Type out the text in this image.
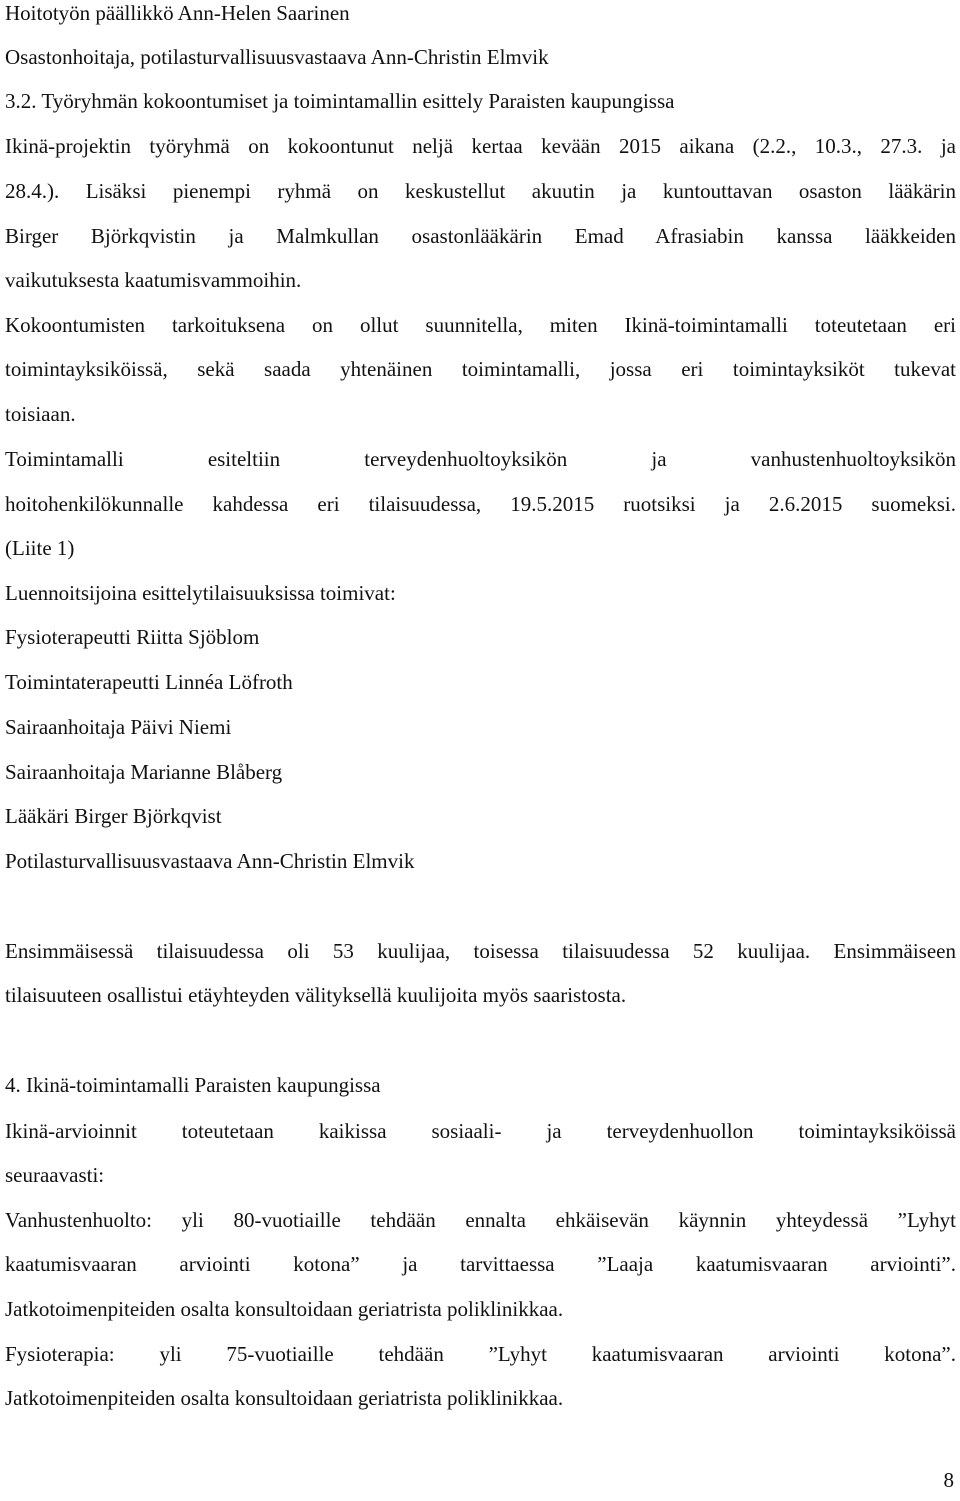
Hoitotyön päällikkö Ann-Helen Saarinen

Osastonhoitaja, potilasturvallisuusvastaava Ann-Christin Elmvik

3.2. Työryhmän kokoontumiset ja toimintamallin esittely Paraisten kaupungissa

Ikinä-projektin työryhmä on kokoontunut neljä kertaa kevään 2015 aikana (2.2., 10.3., 27.3. ja

28.4.). Lisäksi pienempi ryhmä on keskustellut akuutin ja kuntouttavan osaston lääkärin

Birger Björkqvistin ja Malmkullan osastonlääkärin Emad Afrasiabin kanssa lääkkeiden

vaikutuksesta kaatumisvammoihin.

Kokoontumisten tarkoituksena on ollut suunnitella, miten Ikinä-toimintamalli toteutetaan eri

toimintayksiköissä, sekä saada yhtenäinen toimintamalli, jossa eri toimintayksiköt tukevat

toisiaan.

Toimintamalli esiteltiin terveydenhuoltoyksikön ja vanhustenhuoltoyksikön

hoitohenkilökunnalle kahdessa eri tilaisuudessa, 19.5.2015 ruotsiksi ja 2.6.2015 suomeksi.

(Liite 1)

Luennoitsijoina esittelytilaisuuksissa toimivat:

Fysioterapeutti Riitta Sjöblom

Toimintaterapeutti Linnéa Löfroth

Sairaanhoitaja Päivi Niemi

Sairaanhoitaja Marianne Blåberg

Lääkäri Birger Björkqvist

Potilasturvallisuusvastaava Ann-Christin Elmvik

Ensimmäisessä tilaisuudessa oli 53 kuulijaa, toisessa tilaisuudessa 52 kuulijaa. Ensimmäiseen

tilaisuuteen osallistui etäyhteyden välityksellä kuulijoita myös saaristosta.

4. Ikinä-toimintamalli Paraisten kaupungissa

Ikinä-arvioinnit toteutetaan kaikissa sosiaali- ja terveydenhuollon toimintayksiköissä

seuraavasti:

Vanhustenhuolto: yli 80-vuotiaille tehdään ennalta ehkäisevän käynnin yhteydessä ”Lyhyt

kaatumisvaaran arviointi kotona” ja tarvittaessa ”Laaja kaatumisvaaran arviointi”.

Jatkotoimenpiteiden osalta konsultoidaan geriatrista poliklinikkaa.

Fysioterapia: yli 75-vuotiaille tehdään ”Lyhyt kaatumisvaaran arviointi kotona”.

Jatkotoimenpiteiden osalta konsultoidaan geriatrista poliklinikkaa.

8
